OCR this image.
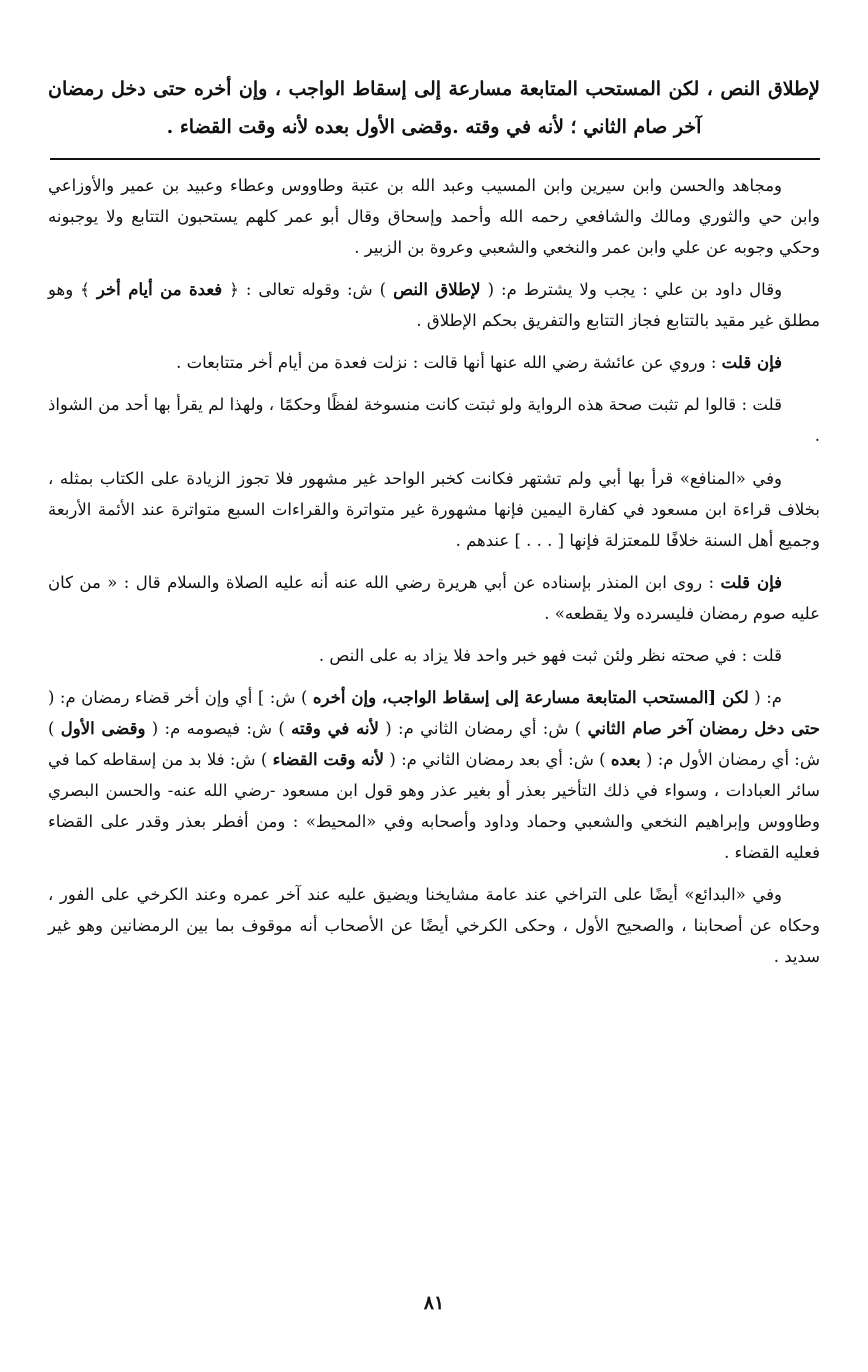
لإطلاق النص ، لكن المستحب المتابعة مسارعة إلى إسقاط الواجب ، وإن أخره حتى دخل رمضان آخر صام الثاني ؛ لأنه في وقته .وقضى الأول بعده لأنه وقت القضاء .

ومجاهد والحسن وابن سيرين وابن المسيب وعبد الله بن عتبة وطاووس وعطاء وعبيد بن عمير والأوزاعي وابن حي والثوري ومالك والشافعي رحمه الله وأحمد وإسحاق وقال أبو عمر كلهم يستحبون التتابع ولا يوجبونه وحكي وجوبه عن علي وابن عمر والنخعي والشعبي وعروة بن الزبير .

وقال داود بن علي : يجب ولا يشترط م: ( لإطلاق النص ) ش: وقوله تعالى : ﴿ فعدة من أيام أخر ﴾ وهو مطلق غير مقيد بالتتابع فجاز التتابع والتفريق بحكم الإطلاق .

فإن قلت : وروي عن عائشة رضي الله عنها أنها قالت : نزلت فعدة من أيام أخر متتابعات .

قلت : قالوا لم تثبت صحة هذه الرواية ولو ثبتت كانت منسوخة لفظًا وحكمًا ، ولهذا لم يقرأ بها أحد من الشواذ .

وفي «المنافع» قرأ بها أبي ولم تشتهر فكانت كخبر الواحد غير مشهور فلا تجوز الزيادة على الكتاب بمثله ، بخلاف قراءة ابن مسعود في كفارة اليمين فإنها مشهورة غير متواترة والقراءات السبع متواترة عند الأئمة الأربعة وجميع أهل السنة خلافًا للمعتزلة فإنها [ . . . ] عندهم .

فإن قلت : روى ابن المنذر بإسناده عن أبي هريرة رضي الله عنه أنه عليه الصلاة والسلام قال : « من كان عليه صوم رمضان فليسرده ولا يقطعه» .

قلت : في صحته نظر ولئن ثبت فهو خبر واحد فلا يزاد به على النص .

م: ( لكن [المستحب المتابعة مسارعة إلى إسقاط الواجب، وإن أخره ) ش: ] أي وإن أخر قضاء رمضان م: ( حتى دخل رمضان آخر صام الثاني ) ش: أي رمضان الثاني م: ( لأنه في وقته ) ش: فيصومه م: ( وقضى الأول ) ش: أي رمضان الأول م: ( بعده ) ش: أي بعد رمضان الثاني م: ( لأنه وقت القضاء ) ش: فلا بد من إسقاطه كما في سائر العبادات ، وسواء في ذلك التأخير بعذر أو بغير عذر وهو قول ابن مسعود -رضي الله عنه- والحسن البصري وطاووس وإبراهيم النخعي والشعبي وحماد وداود وأصحابه وفي «المحيط» : ومن أفطر بعذر وقدر على القضاء فعليه القضاء .

وفي «البدائع» أيضًا على التراخي عند عامة مشايخنا ويضيق عليه عند آخر عمره وعند الكرخي على الفور ، وحكاه عن أصحابنا ، والصحيح الأول ، وحكى الكرخي أيضًا عن الأصحاب أنه موقوف بما بين الرمضانين وهو غير سديد .

٨١
